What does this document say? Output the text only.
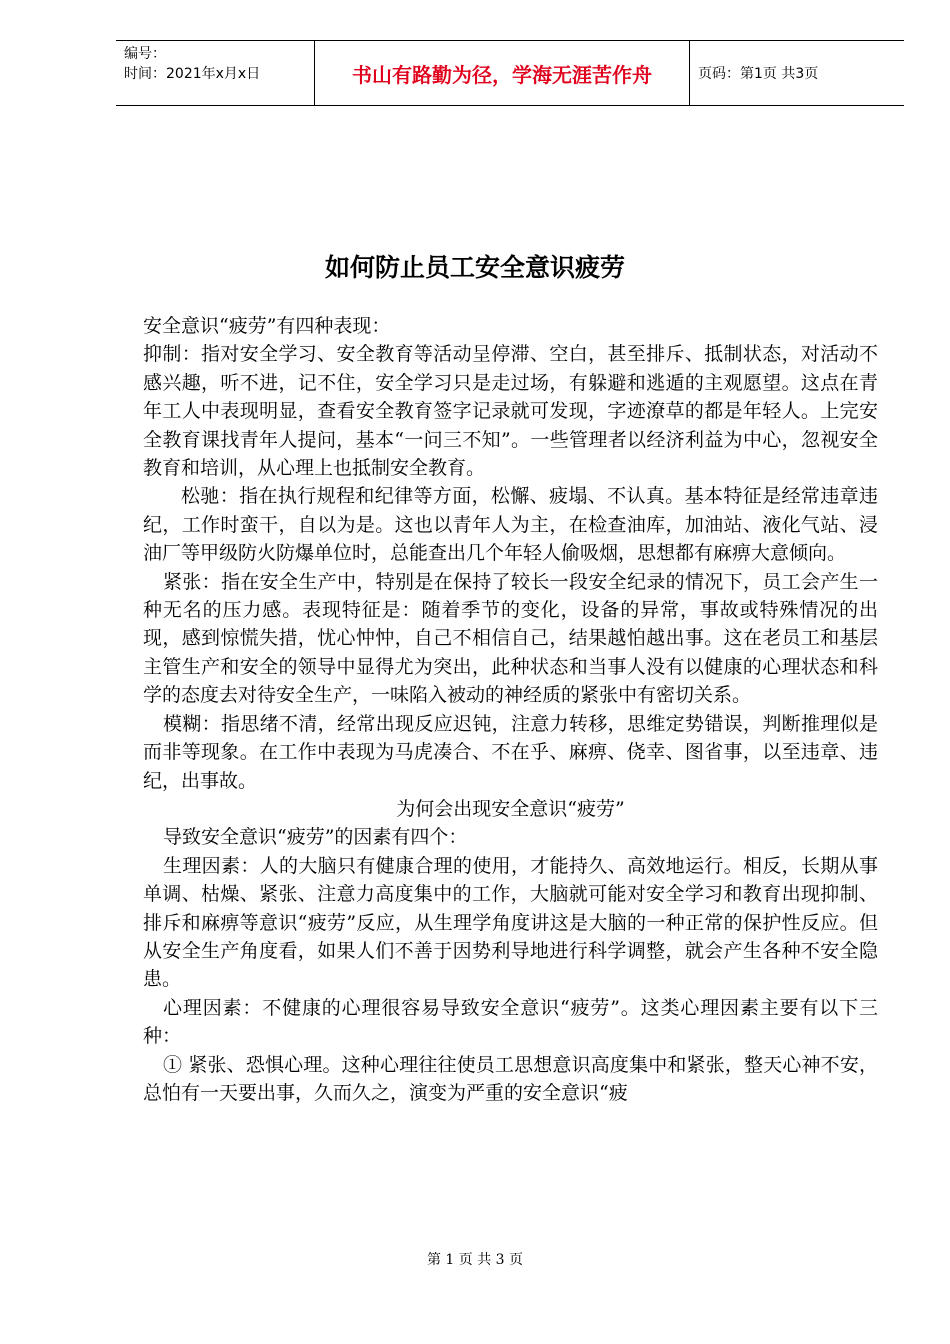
编号：
时间：2021年x月x日	书山有路勤为径，学海无涯苦作舟	页码：第1页 共3页
如何防止员工安全意识疲劳

安全意识“疲劳”有四种表现：

抑制：指对安全学习、安全教育等活动呈停滞、空白，甚至排斥、抵制状态，对活动不感兴趣，听不进，记不住，安全学习只是走过场，有躲避和逃遁的主观愿望。这点在青年工人中表现明显，查看安全教育签字记录就可发现，字迹潦草的都是年轻人。上完安全教育课找青年人提问，基本“一问三不知”。一些管理者以经济利益为中心，忽视安全教育和培训，从心理上也抵制安全教育。

松驰：指在执行规程和纪律等方面，松懈、疲塌、不认真。基本特征是经常违章违纪，工作时蛮干，自以为是。这也以青年人为主，在检查油库，加油站、液化气站、浸油厂等甲级防火防爆单位时，总能查出几个年轻人偷吸烟，思想都有麻痹大意倾向。

紧张：指在安全生产中，特别是在保持了较长一段安全纪录的情况下，员工会产生一种无名的压力感。表现特征是：随着季节的变化，设备的异常，事故或特殊情况的出现，感到惊慌失措，忧心忡忡，自己不相信自己，结果越怕越出事。这在老员工和基层主管生产和安全的领导中显得尤为突出，此种状态和当事人没有以健康的心理状态和科学的态度去对待安全生产，一味陷入被动的神经质的紧张中有密切关系。

模糊：指思绪不清，经常出现反应迟钝，注意力转移，思维定势错误，判断推理似是而非等现象。在工作中表现为马虎凑合、不在乎、麻痹、侥幸、图省事，以至违章、违纪，出事故。

为何会出现安全意识“疲劳”

导致安全意识“疲劳”的因素有四个：

生理因素：人的大脑只有健康合理的使用，才能持久、高效地运行。相反，长期从事单调、枯燥、紧张、注意力高度集中的工作，大脑就可能对安全学习和教育出现抑制、排斥和麻痹等意识“疲劳”反应，从生理学角度讲这是大脑的一种正常的保护性反应。但从安全生产角度看，如果人们不善于因势利导地进行科学调整，就会产生各种不安全隐患。

心理因素：不健康的心理很容易导致安全意识“疲劳”。这类心理因素主要有以下三种：

① 紧张、恐惧心理。这种心理往往使员工思想意识高度集中和紧张，整天心神不安，总怕有一天要出事，久而久之，演变为严重的安全意识“疲

第 1 页 共 3 页
